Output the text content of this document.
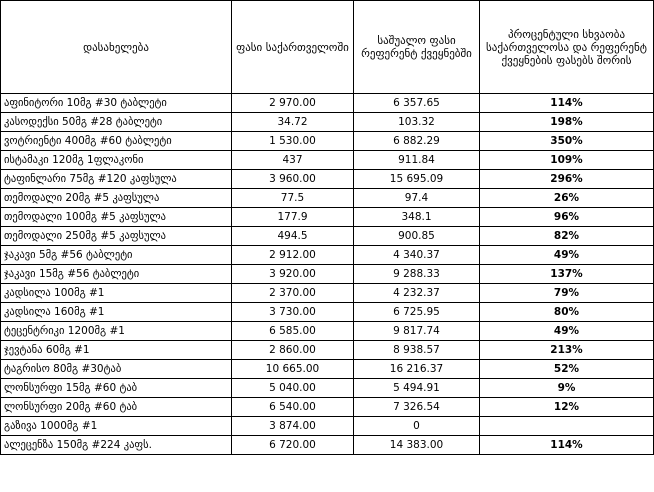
დასახელება	ფასი საქართველოში	საშუალო ფასი რეფერენტ ქვეყნებში	პროცენტული სხვაობა საქართველოსა და რეფერენტ ქვეყნების ფასებს შორის
აფინიტორი 10მგ #30 ტაბლეტი	2 970.00	6 357.65	114%
კასოდექსი 50მგ #28 ტაბლეტი	34.72	103.32	198%
ვოტრიენტი 400მგ #60 ტაბლეტი	1 530.00	6 882.29	350%
ისტამაკი 120მგ 1ფლაკონი	437	911.84	109%
ტაფინლარი 75მგ #120 კაფსულა	3 960.00	15 695.09	296%
თემოდალი 20მგ #5 კაფსულა	77.5	97.4	26%
თემოდალი 100მგ #5 კაფსულა	177.9	348.1	96%
თემოდალი 250მგ #5 კაფსულა	494.5	900.85	82%
ჯაკავი 5მგ #56 ტაბლეტი	2 912.00	4 340.37	49%
ჯაკავი 15მგ #56 ტაბლეტი	3 920.00	9 288.33	137%
კადსილა 100მგ #1	2 370.00	4 232.37	79%
კადსილა 160მგ #1	3 730.00	6 725.95	80%
ტეცენტრიკი 1200მგ #1	6 585.00	9 817.74	49%
ჯევტანა 60მგ #1	2 860.00	8 938.57	213%
ტაგრისო 80მგ #30ტაბ	10 665.00	16 216.37	52%
ლონსურფი 15მგ #60 ტაბ	5 040.00	5 494.91	9%
ლონსურფი 20მგ #60 ტაბ	6 540.00	7 326.54	12%
გაზივა 1000მგ #1	3 874.00	0	
ალეცენზა 150მგ #224 კაფს.	6 720.00	14 383.00	114%
